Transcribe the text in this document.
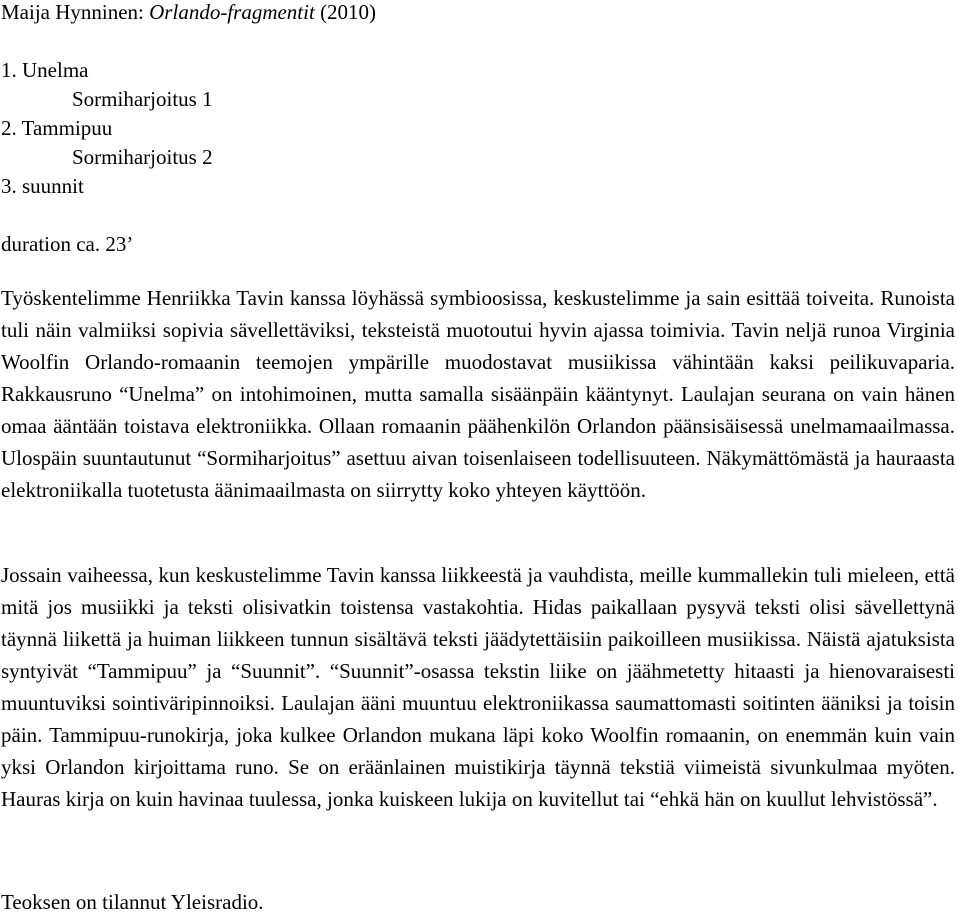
Maija Hynninen: Orlando-fragmentit (2010)
1. Unelma
Sormiharjoitus 1
2. Tammipuu
Sormiharjoitus 2
3. suunnit
duration ca. 23’

Työskentelimme Henriikka Tavin kanssa löyhässä symbioosissa, keskustelimme ja sain esittää toiveita. Runoista tuli näin valmiiksi sopivia sävellettäviksi, teksteistä muotoutui hyvin ajassa toimivia. Tavin neljä runoa Virginia Woolfin Orlando-romaanin teemojen ympärille muodostavat musiikissa vähintään kaksi peilikuvaparia. Rakkausruno “Unelma” on intohimoinen, mutta samalla sisäänpäin kääntynyt. Laulajan seurana on vain hänen omaa ääntään toistava elektroniikka. Ollaan romaanin päähenkilön Orlandon päänsisäisessä unelmamaailmassa. Ulospäin suuntautunut “Sormiharjoitus” asettuu aivan toisenlaiseen todellisuuteen. Näkymättömästä ja hauraasta elektroniikalla tuotetusta äänimaailmasta on siirrytty koko yhteyen käyttöön.

Jossain vaiheessa, kun keskustelimme Tavin kanssa liikkeestä ja vauhdista, meille kummallekin tuli mieleen, että mitä jos musiikki ja teksti olisivatkin toistensa vastakohtia. Hidas paikallaan pysyvä teksti olisi sävellettynä täynnä liikettä ja huiman liikkeen tunnun sisältävä teksti jäädytettäisiin paikoilleen musiikissa. Näistä ajatuksista syntyivät “Tammipuu” ja “Suunnit”. “Suunnit”-osassa tekstin liike on jäähmetetty hitaasti ja hienovaraisesti muuntuviksi sointiväripinnoiksi. Laulajan ääni muuntuu elektroniikassa saumattomasti soitinten ääniksi ja toisin päin. Tammipuu-runokirja, joka kulkee Orlandon mukana läpi koko Woolfin romaanin, on enemmän kuin vain yksi Orlandon kirjoittama runo. Se on eräänlainen muistikirja täynnä tekstiä viimeistä sivunkulmaa myöten. Hauras kirja on kuin havinaa tuulessa, jonka kuiskeen lukija on kuvitellut tai “ehkä hän on kuullut lehvistössä”.

Teoksen on tilannut Yleisradio.
